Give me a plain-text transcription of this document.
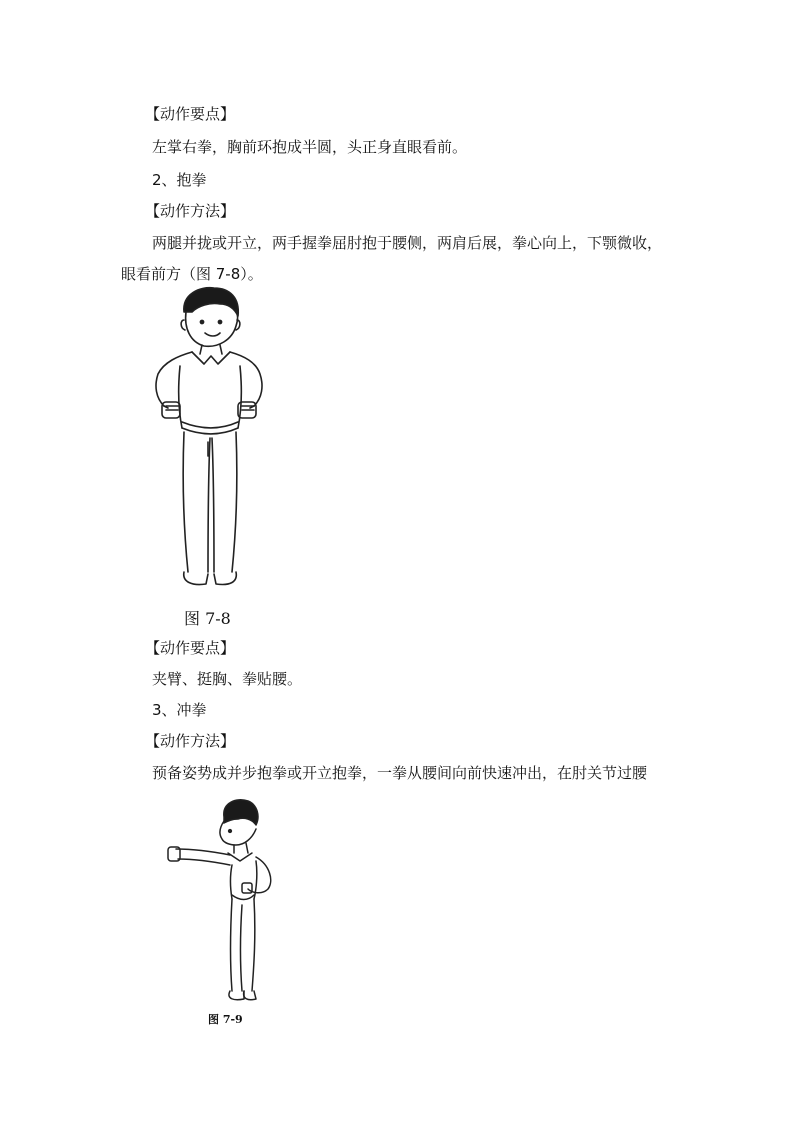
【动作要点】
左掌右拳，胸前环抱成半圆，头正身直眼看前。
2、抱拳
【动作方法】
两腿并拢或开立，两手握拳屈肘抱于腰侧，两肩后展，拳心向上，下颚微收，
眼看前方（图 7-8）。
图 7-8
【动作要点】
夹臂、挺胸、拳贴腰。
3、冲拳
【动作方法】
预备姿势成并步抱拳或开立抱拳，一拳从腰间向前快速冲出，在肘关节过腰
图 7-9
